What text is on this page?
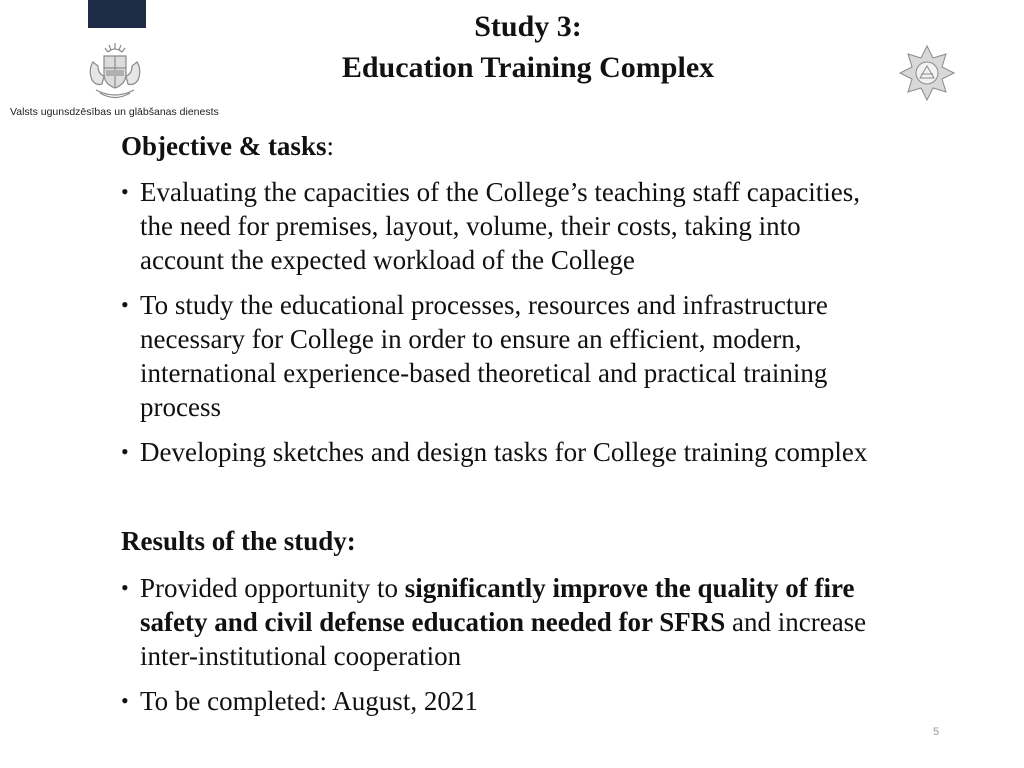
Valsts ugunsdzēsības un glābšanas dienests
Study 3:
Education Training Complex
Objective & tasks:
• Evaluating the capacities of the College’s teaching staff capacities,
the need for premises, layout, volume, their costs, taking into
account the expected workload of the College
• To study the educational processes, resources and infrastructure
necessary for College in order to ensure an efficient, modern,
international experience-based theoretical and practical training
process
• Developing sketches and design tasks for College training complex
Results of the study:
• Provided opportunity to significantly improve the quality of fire
safety and civil defense education needed for SFRS and increase
inter-institutional cooperation
• To be completed: August, 2021
5
